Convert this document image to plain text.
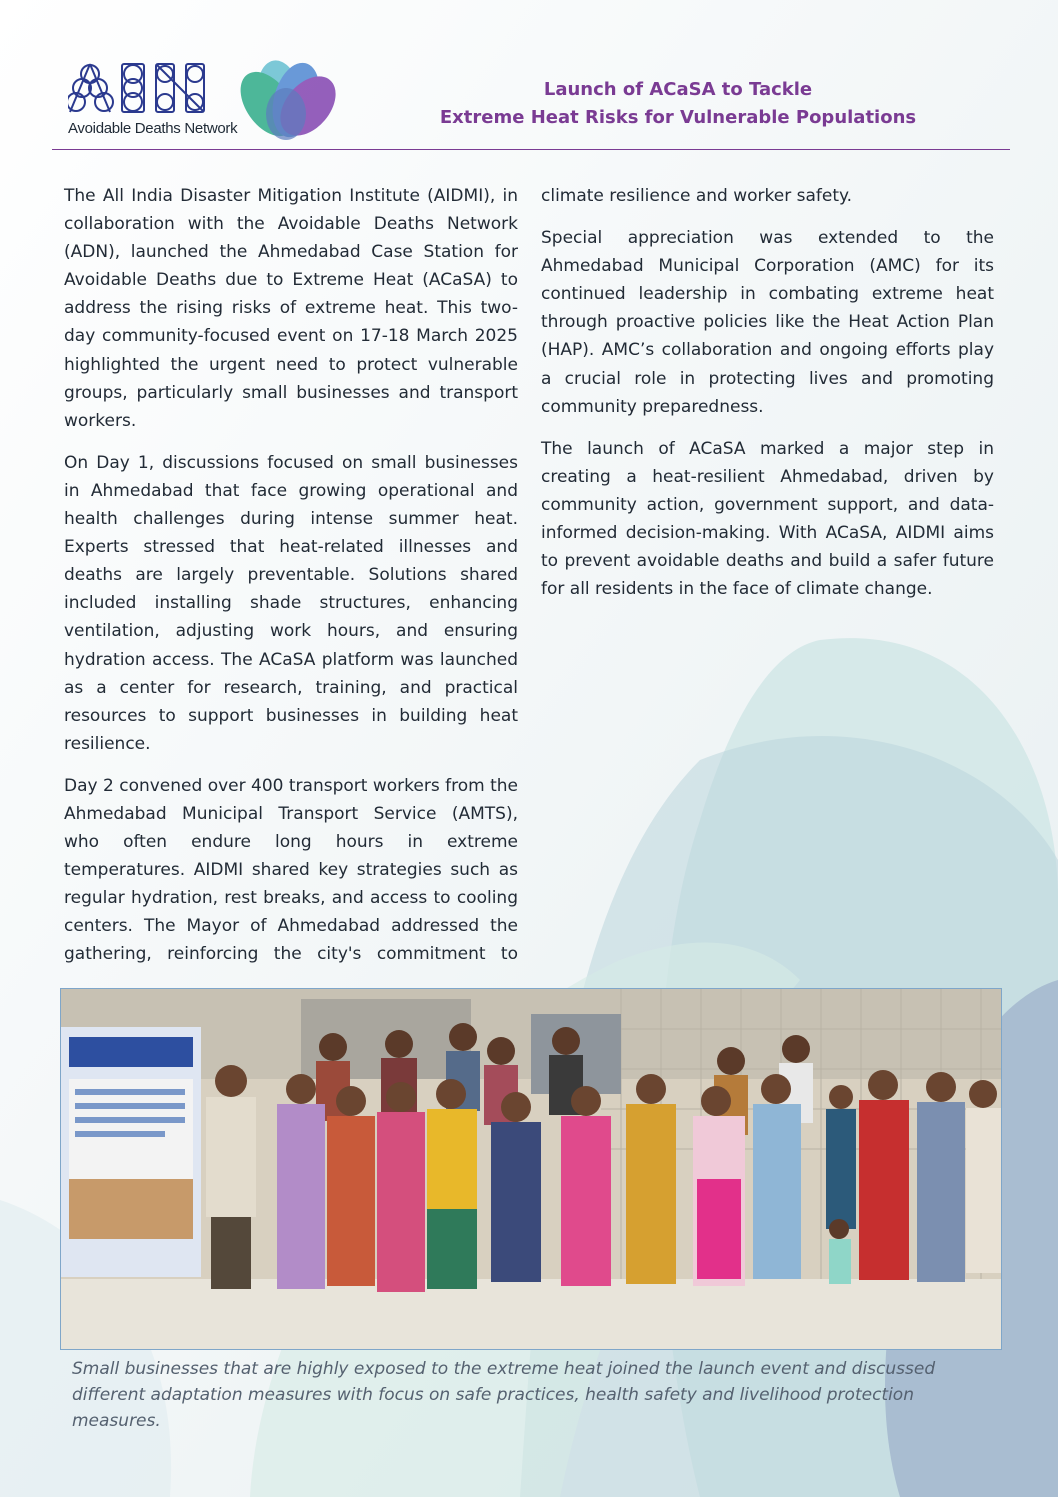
Avoidable Deaths Network
Launch of ACaSA to Tackle
Extreme Heat Risks for Vulnerable Populations

The All India Disaster Mitigation Institute (AIDMI), in collaboration with the Avoidable Deaths Network (ADN), launched the Ahmedabad Case Station for Avoidable Deaths due to Extreme Heat (ACaSA) to address the rising risks of extreme heat. This two-day community-focused event on 17-18 March 2025 highlighted the urgent need to protect vulnerable groups, particularly small businesses and transport workers.

On Day 1, discussions focused on small businesses in Ahmedabad that face growing operational and health challenges during intense summer heat. Experts stressed that heat-related illnesses and deaths are largely preventable. Solutions shared included installing shade structures, enhancing ventilation, adjusting work hours, and ensuring hydration access. The ACaSA platform was launched as a center for research, training, and practical resources to support businesses in building heat resilience.

Day 2 convened over 400 transport workers from the Ahmedabad Municipal Transport Service (AMTS), who often endure long hours in extreme temperatures. AIDMI shared key strategies such as regular hydration, rest breaks, and access to cooling centers. The Mayor of Ahmedabad addressed the gathering, reinforcing the city's commitment to

climate resilience and worker safety.

Special appreciation was extended to the Ahmedabad Municipal Corporation (AMC) for its continued leadership in combating extreme heat through proactive policies like the Heat Action Plan (HAP). AMC’s collaboration and ongoing efforts play a crucial role in protecting lives and promoting community preparedness.

The launch of ACaSA marked a major step in creating a heat-resilient Ahmedabad, driven by community action, government support, and data-informed decision-making. With ACaSA, AIDMI aims to prevent avoidable deaths and build a safer future for all residents in the face of climate change.

Small businesses that are highly exposed to the extreme heat joined the launch event and discussed different adaptation measures with focus on safe practices, health safety and livelihood protection measures.
